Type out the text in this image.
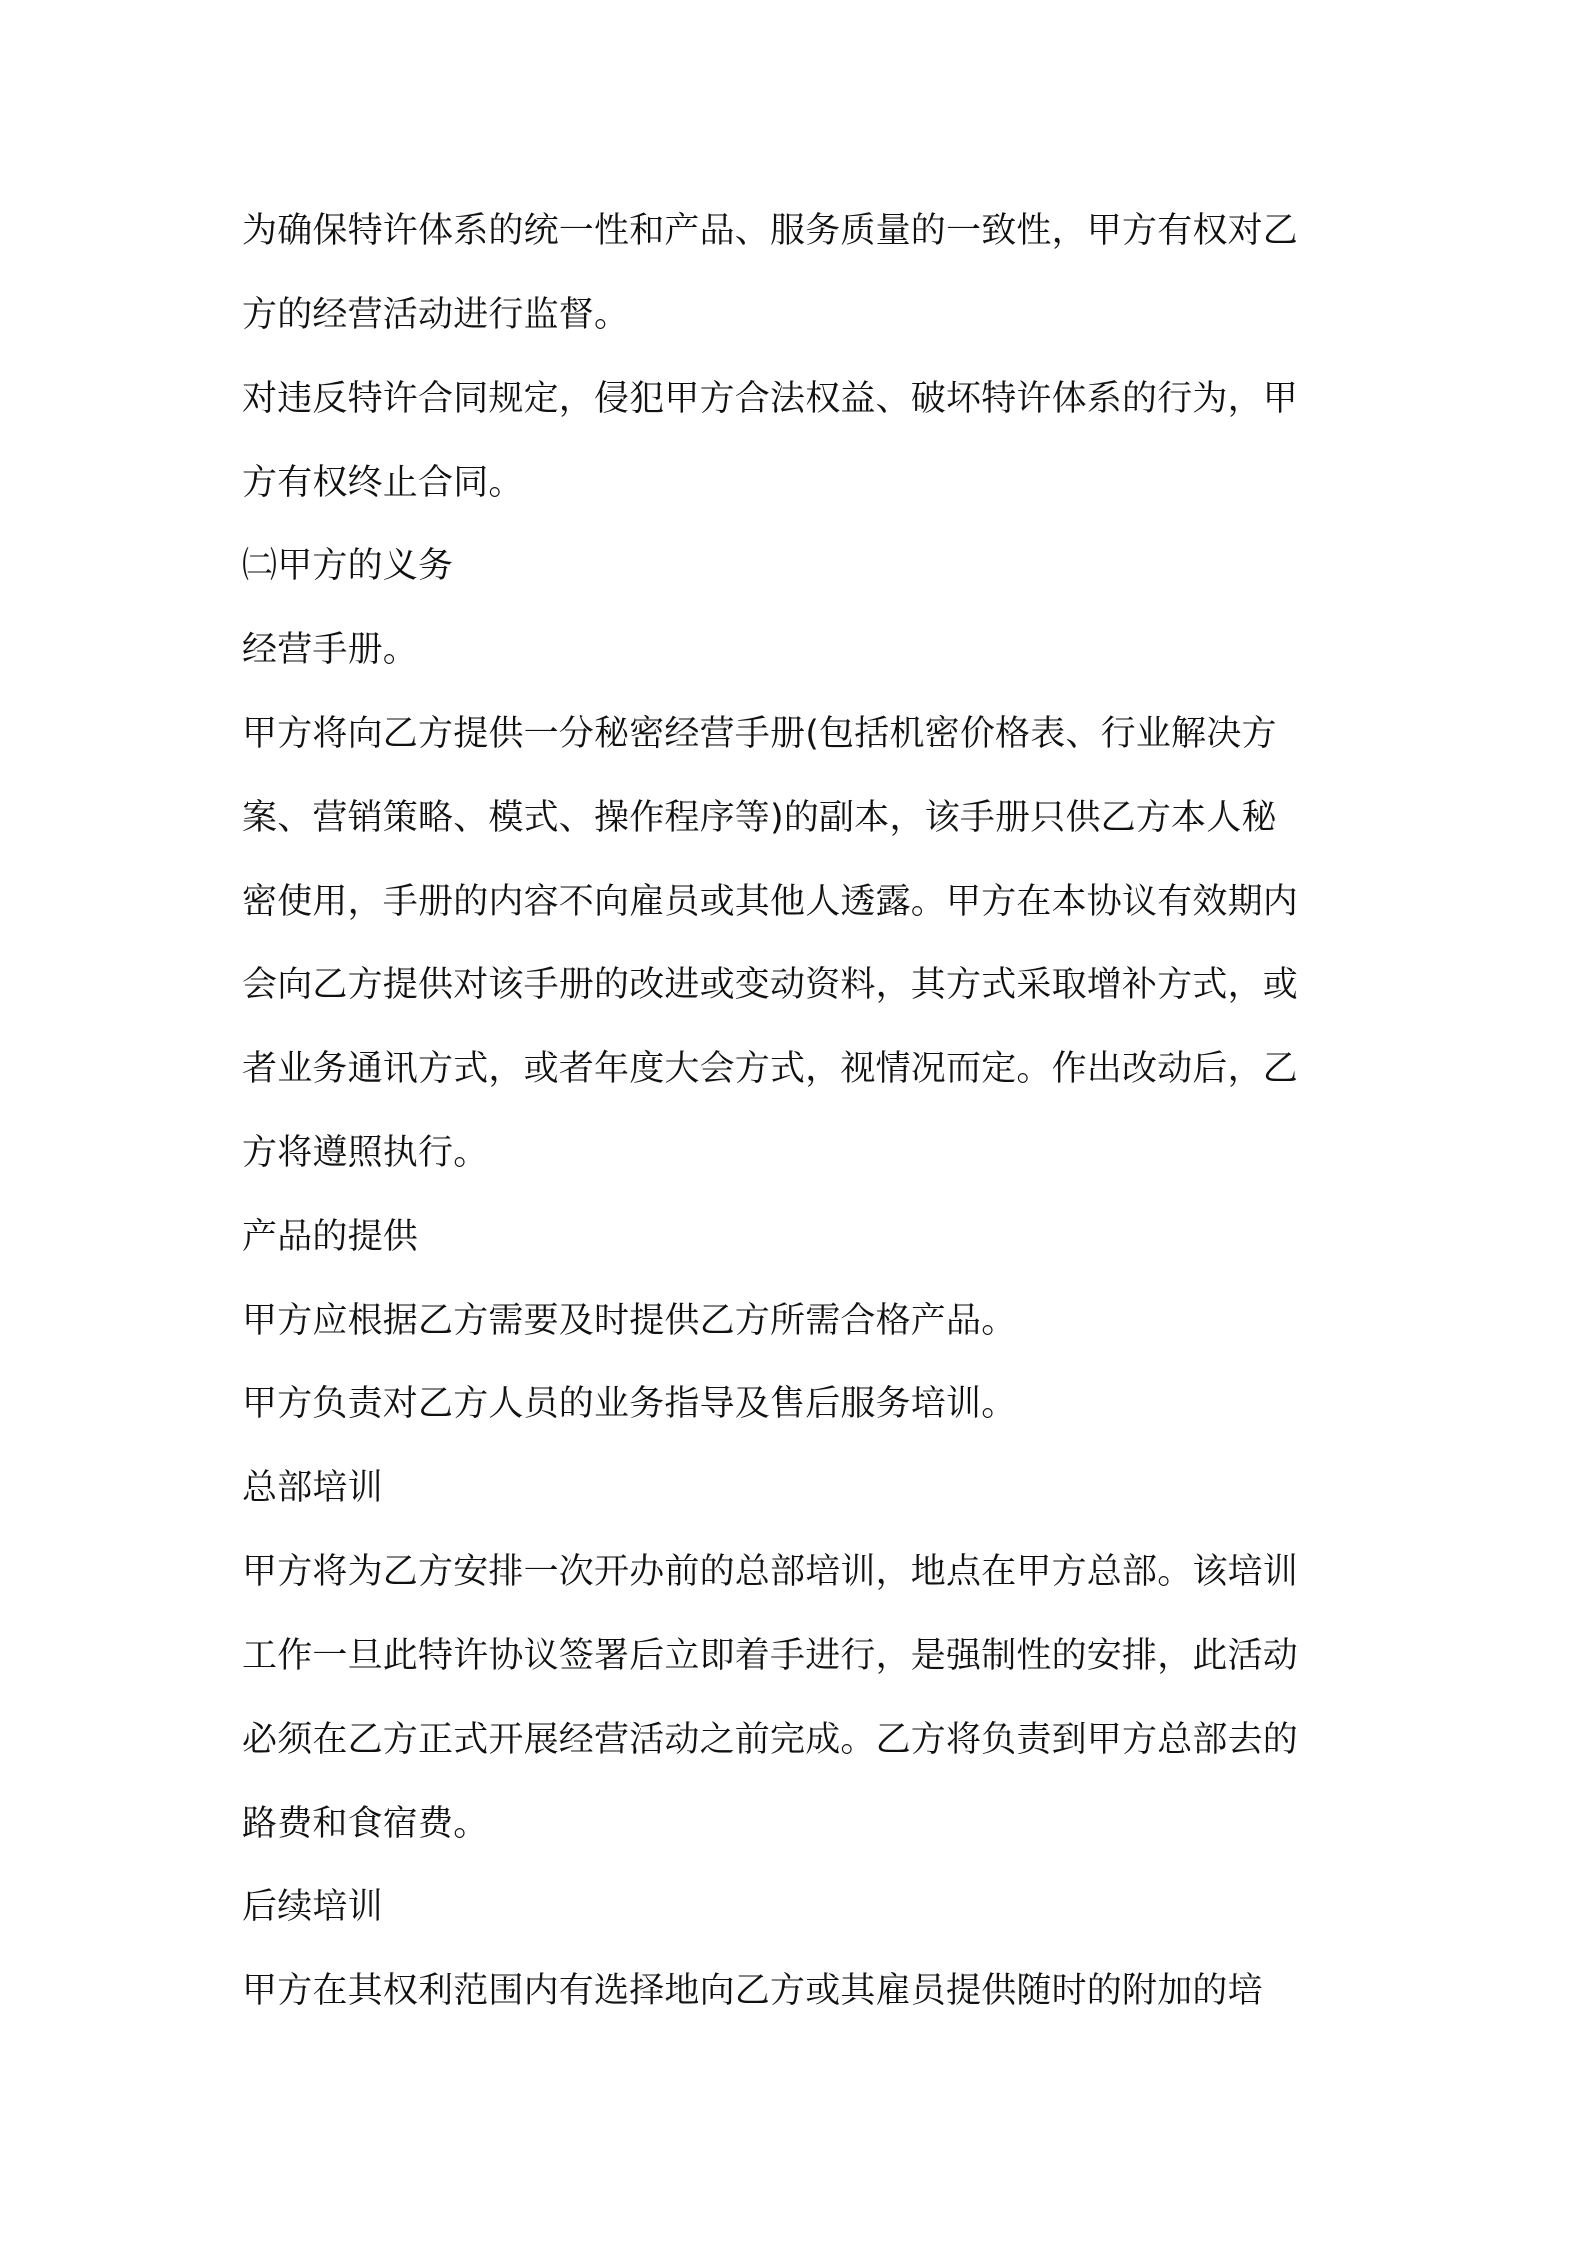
为确保特许体系的统一性和产品、服务质量的一致性，甲方有权对乙

方的经营活动进行监督。

对违反特许合同规定，侵犯甲方合法权益、破坏特许体系的行为，甲

方有权终止合同。

㈡甲方的义务

经营手册。

甲方将向乙方提供一分秘密经营手册(包括机密价格表、行业解决方

案、营销策略、模式、操作程序等)的副本，该手册只供乙方本人秘

密使用，手册的内容不向雇员或其他人透露。甲方在本协议有效期内

会向乙方提供对该手册的改进或变动资料，其方式采取增补方式，或

者业务通讯方式，或者年度大会方式，视情况而定。作出改动后，乙

方将遵照执行。

产品的提供

甲方应根据乙方需要及时提供乙方所需合格产品。

甲方负责对乙方人员的业务指导及售后服务培训。

总部培训

甲方将为乙方安排一次开办前的总部培训，地点在甲方总部。该培训

工作一旦此特许协议签署后立即着手进行，是强制性的安排，此活动

必须在乙方正式开展经营活动之前完成。乙方将负责到甲方总部去的

路费和食宿费。

后续培训

甲方在其权利范围内有选择地向乙方或其雇员提供随时的附加的培
